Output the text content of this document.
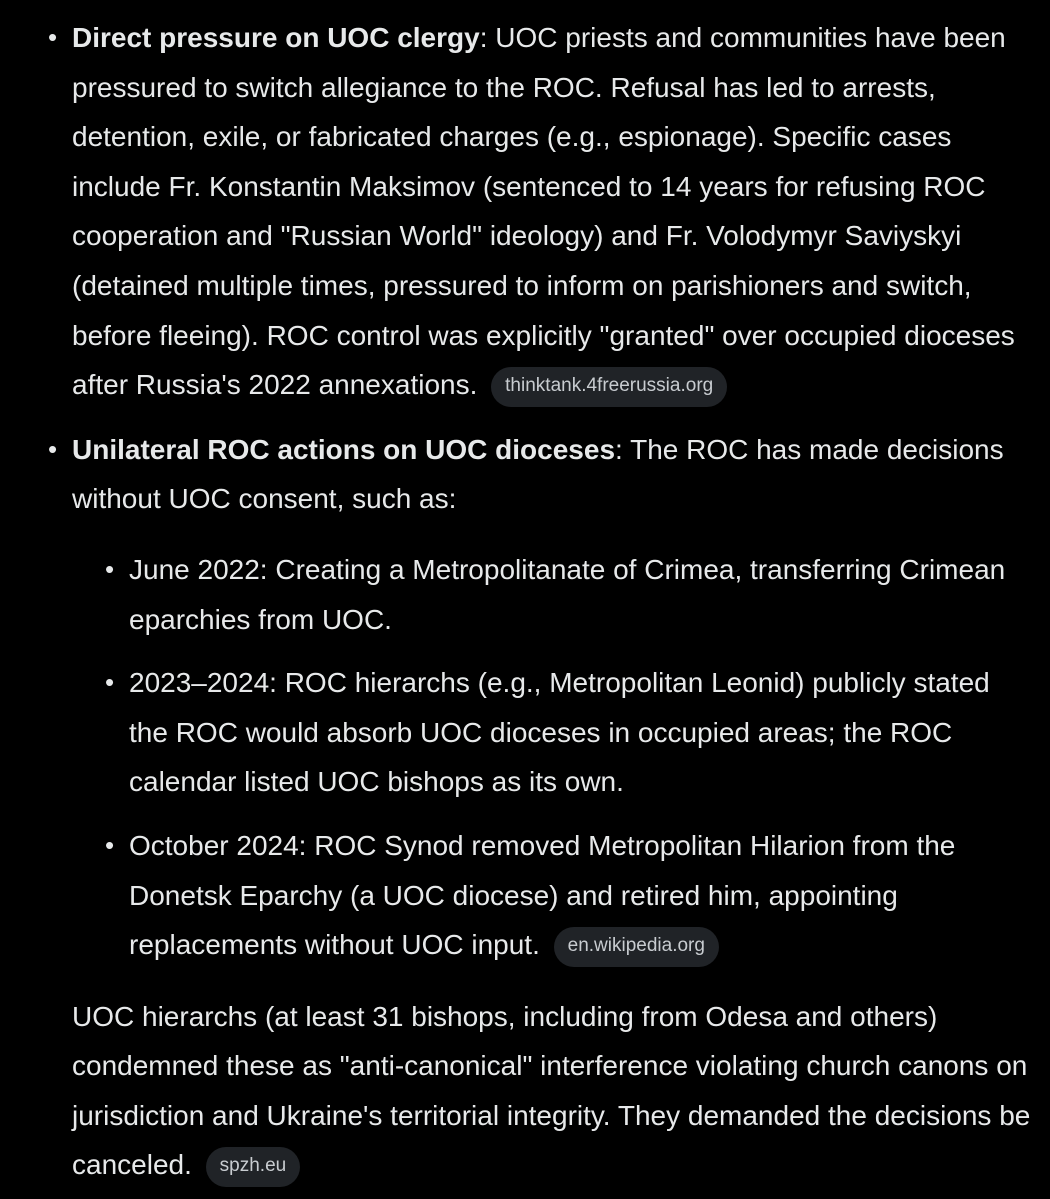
• Direct pressure on UOC clergy: UOC priests and communities have been pressured to switch allegiance to the ROC. Refusal has led to arrests, detention, exile, or fabricated charges (e.g., espionage). Specific cases include Fr. Konstantin Maksimov (sentenced to 14 years for refusing ROC cooperation and "Russian World" ideology) and Fr. Volodymyr Saviyskyi (detained multiple times, pressured to inform on parishioners and switch, before fleeing). ROC control was explicitly "granted" over occupied dioceses after Russia's 2022 annexations. thinktank.4freerussia.org
• Unilateral ROC actions on UOC dioceses: The ROC has made decisions without UOC consent, such as:
• June 2022: Creating a Metropolitanate of Crimea, transferring Crimean eparchies from UOC.
• 2023–2024: ROC hierarchs (e.g., Metropolitan Leonid) publicly stated the ROC would absorb UOC dioceses in occupied areas; the ROC calendar listed UOC bishops as its own.
• October 2024: ROC Synod removed Metropolitan Hilarion from the Donetsk Eparchy (a UOC diocese) and retired him, appointing replacements without UOC input. en.wikipedia.org
UOC hierarchs (at least 31 bishops, including from Odesa and others) condemned these as "anti-canonical" interference violating church canons on jurisdiction and Ukraine's territorial integrity. They demanded the decisions be canceled. spzh.eu
